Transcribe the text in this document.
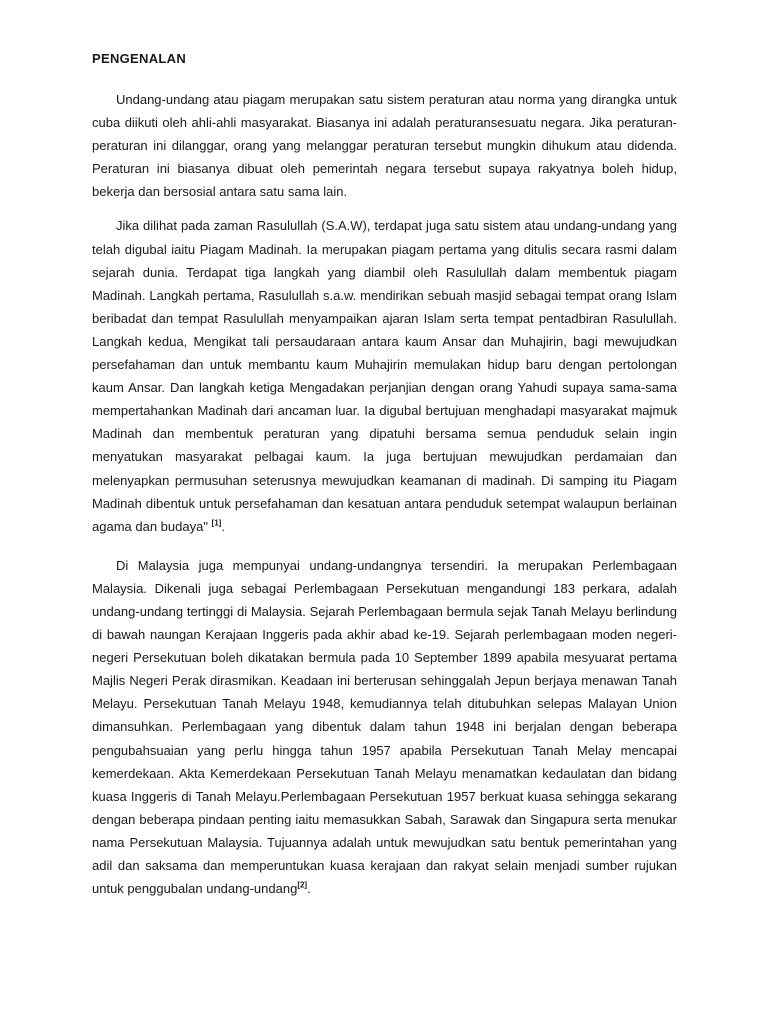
PENGENALAN

Undang-undang atau piagam merupakan satu sistem peraturan atau norma yang dirangka untuk cuba diikuti oleh ahli-ahli masyarakat. Biasanya ini adalah peraturansesuatu negara. Jika peraturan-peraturan ini dilanggar, orang yang melanggar peraturan tersebut mungkin dihukum atau didenda. Peraturan ini biasanya dibuat oleh pemerintah negara tersebut supaya rakyatnya boleh hidup, bekerja dan bersosial antara satu sama lain.

Jika dilihat pada zaman Rasulullah (S.A.W), terdapat juga satu sistem atau undang-undang yang telah digubal iaitu Piagam Madinah. Ia merupakan piagam pertama yang ditulis secara rasmi dalam sejarah dunia. Terdapat tiga langkah yang diambil oleh Rasulullah dalam membentuk piagam Madinah. Langkah pertama, Rasulullah s.a.w. mendirikan sebuah masjid sebagai tempat orang Islam beribadat dan tempat Rasulullah menyampaikan ajaran Islam serta tempat pentadbiran Rasulullah. Langkah kedua, Mengikat tali persaudaraan antara kaum Ansar dan Muhajirin, bagi mewujudkan persefahaman dan untuk membantu kaum Muhajirin memulakan hidup baru dengan pertolongan kaum Ansar. Dan langkah ketiga Mengadakan perjanjian dengan orang Yahudi supaya sama-sama mempertahankan Madinah dari ancaman luar. Ia digubal bertujuan menghadapi masyarakat majmuk Madinah dan membentuk peraturan yang dipatuhi bersama semua penduduk selain ingin menyatukan masyarakat pelbagai kaum. Ia juga bertujuan mewujudkan perdamaian dan melenyapkan permusuhan seterusnya mewujudkan keamanan di madinah. Di samping itu Piagam Madinah dibentuk untuk persefahaman dan kesatuan antara penduduk setempat walaupun berlainan agama dan budaya" [1].

Di Malaysia juga mempunyai undang-undangnya tersendiri. Ia merupakan Perlembagaan Malaysia. Dikenali juga sebagai Perlembagaan Persekutuan mengandungi 183 perkara, adalah undang-undang tertinggi di Malaysia. Sejarah Perlembagaan bermula sejak Tanah Melayu berlindung di bawah naungan Kerajaan Inggeris pada akhir abad ke-19. Sejarah perlembagaan moden negeri-negeri Persekutuan boleh dikatakan bermula pada 10 September 1899 apabila mesyuarat pertama Majlis Negeri Perak dirasmikan. Keadaan ini berterusan sehinggalah Jepun berjaya menawan Tanah Melayu. Persekutuan Tanah Melayu 1948, kemudiannya telah ditubuhkan selepas Malayan Union dimansuhkan. Perlembagaan yang dibentuk dalam tahun 1948 ini berjalan dengan beberapa pengubahsuaian yang perlu hingga tahun 1957 apabila Persekutuan Tanah Melay mencapai kemerdekaan. Akta Kemerdekaan Persekutuan Tanah Melayu menamatkan kedaulatan dan bidang kuasa Inggeris di Tanah Melayu.Perlembagaan Persekutuan 1957 berkuat kuasa sehingga sekarang dengan beberapa pindaan penting iaitu memasukkan Sabah, Sarawak dan Singapura serta menukar nama Persekutuan Malaysia. Tujuannya adalah untuk mewujudkan satu bentuk pemerintahan yang adil dan saksama dan memperuntukan kuasa kerajaan dan rakyat selain menjadi sumber rujukan untuk penggubalan undang-undang[2].
